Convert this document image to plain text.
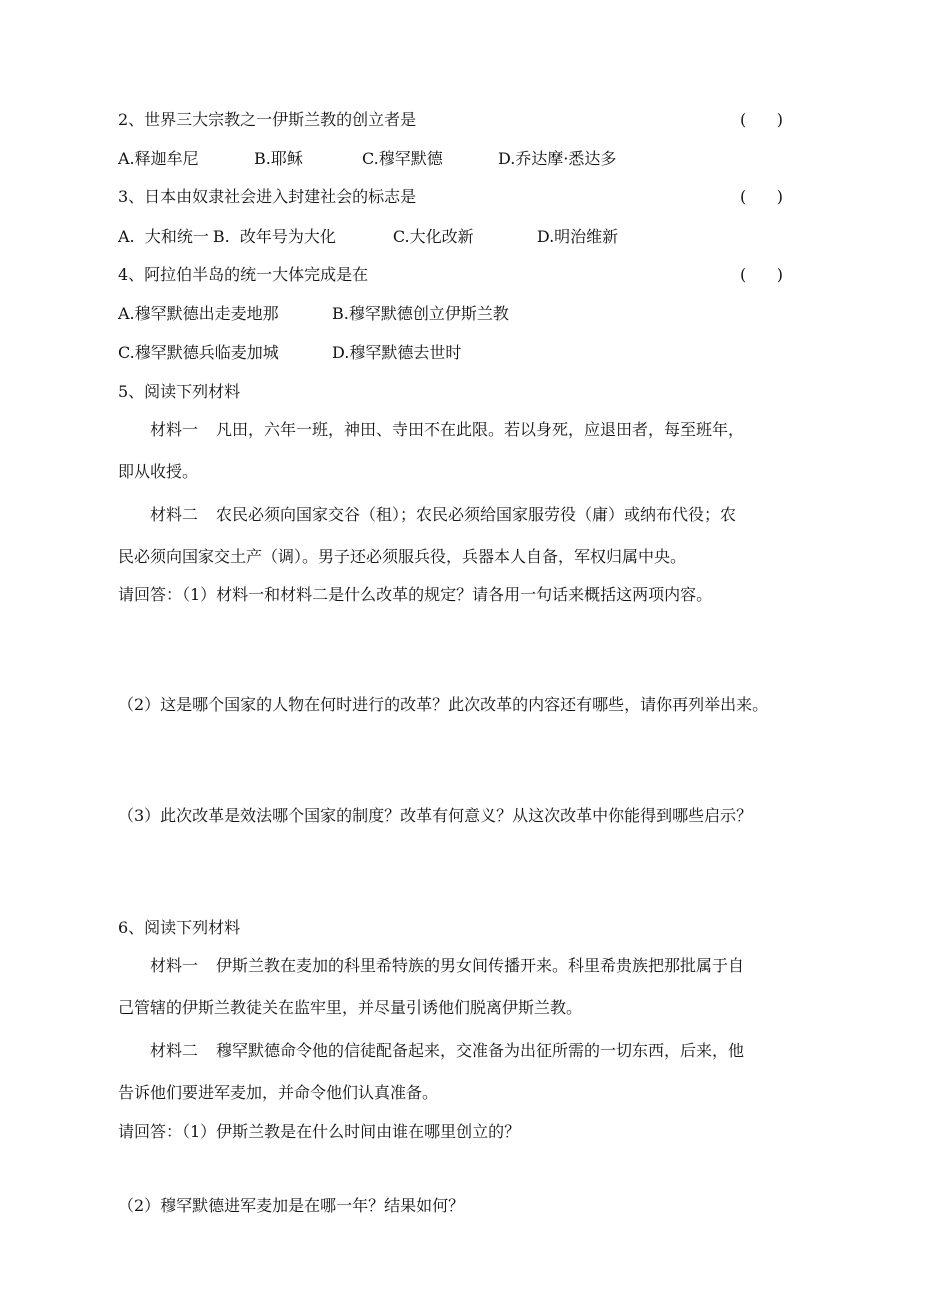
2、世界三大宗教之一伊斯兰教的创立者是	(      )
A.释迦牟尼	B.耶稣	C.穆罕默德	D.乔达摩·悉达多
3、日本由奴隶社会进入封建社会的标志是	(      )
A.  大和统一 B.  改年号为大化	C.大化改新	D.明治维新
4、阿拉伯半岛的统一大体完成是在	(      )
A.穆罕默德出走麦地那	B.穆罕默德创立伊斯兰教
C.穆罕默德兵临麦加城	D.穆罕默德去世时
5、阅读下列材料
材料一 凡田，六年一班，神田、寺田不在此限。若以身死，应退田者，每至班年，
即从收授。
材料二 农民必须向国家交谷（租）；农民必须给国家服劳役（庸）或纳布代役；农
民必须向国家交土产（调）。男子还必须服兵役，兵器本人自备，军权归属中央。
请回答：（1）材料一和材料二是什么改革的规定？请各用一句话来概括这两项内容。
（2）这是哪个国家的人物在何时进行的改革？此次改革的内容还有哪些，请你再列举出来。
（3）此次改革是效法哪个国家的制度？改革有何意义？从这次改革中你能得到哪些启示？
6、阅读下列材料
材料一 伊斯兰教在麦加的科里希特族的男女间传播开来。科里希贵族把那批属于自
己管辖的伊斯兰教徒关在监牢里，并尽量引诱他们脱离伊斯兰教。
材料二 穆罕默德命令他的信徒配备起来，交准备为出征所需的一切东西，后来，他
告诉他们要进军麦加，并命令他们认真准备。
请回答：（1）伊斯兰教是在什么时间由谁在哪里创立的？
（2）穆罕默德进军麦加是在哪一年？结果如何？
